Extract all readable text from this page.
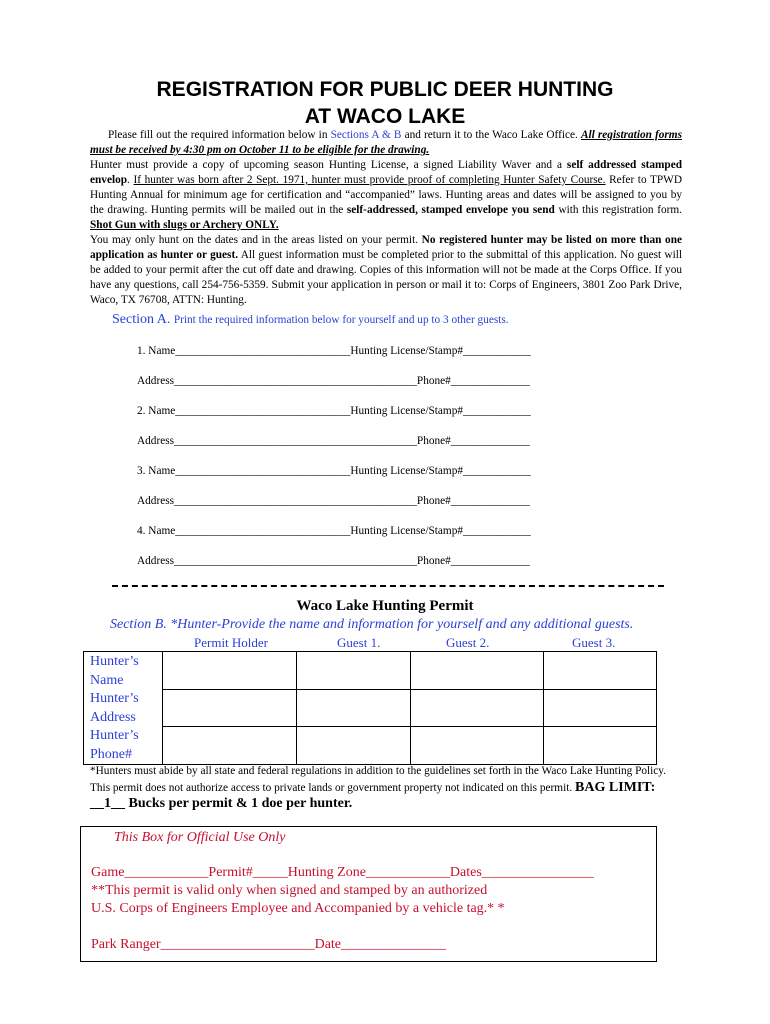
REGISTRATION FOR PUBLIC DEER HUNTING
AT WACO LAKE
Please fill out the required information below in Sections A & B and return it to the Waco Lake Office. All registration forms must be received by 4:30 pm on October 11 to be eligible for the drawing.
Hunter must provide a copy of upcoming season Hunting License, a signed Liability Waver and a self addressed stamped envelop. If hunter was born after 2 Sept. 1971, hunter must provide proof of completing Hunter Safety Course. Refer to TPWD Hunting Annual for minimum age for certification and “accompanied” laws. Hunting areas and dates will be assigned to you by the drawing. Hunting permits will be mailed out in the self-addressed, stamped envelope you send with this registration form. Shot Gun with slugs or Archery ONLY.
You may only hunt on the dates and in the areas listed on your permit. No registered hunter may be listed on more than one application as hunter or guest. All guest information must be completed prior to the submittal of this application. No guest will be added to your permit after the cut off date and drawing. Copies of this information will not be made at the Corps Office. If you have any questions, call 254-756-5359. Submit your application in person or mail it to: Corps of Engineers, 3801 Zoo Park Drive, Waco, TX 76708, ATTN: Hunting.
Section A. Print the required information below for yourself and up to 3 other guests.
1. Name_______________________________Hunting License/Stamp#____________
Address___________________________________________Phone#______________
2. Name_______________________________Hunting License/Stamp#____________
Address___________________________________________Phone#______________
3. Name_______________________________Hunting License/Stamp#____________
Address___________________________________________Phone#______________
4. Name_______________________________Hunting License/Stamp#____________
Address___________________________________________Phone#______________
Waco Lake Hunting Permit
Section B. *Hunter-Provide the name and information for yourself and any additional guests.
Permit Holder	Guest 1.	Guest 2.	Guest 3.
Hunter’s Name
Hunter’s Address
Hunter’s Phone#				

*Hunters must abide by all state and federal regulations in addition to the guidelines set forth in the Waco Lake Hunting Policy. This permit does not authorize access to private lands or government property not indicated on this permit. BAG LIMIT: __1__ Bucks per permit & 1 doe per hunter.
This Box for Official Use Only
Game____________Permit#_____Hunting Zone____________Dates________________
**This permit is valid only when signed and stamped by an authorized
U.S. Corps of Engineers Employee and Accompanied by a vehicle tag.* *
Park Ranger______________________Date_______________
